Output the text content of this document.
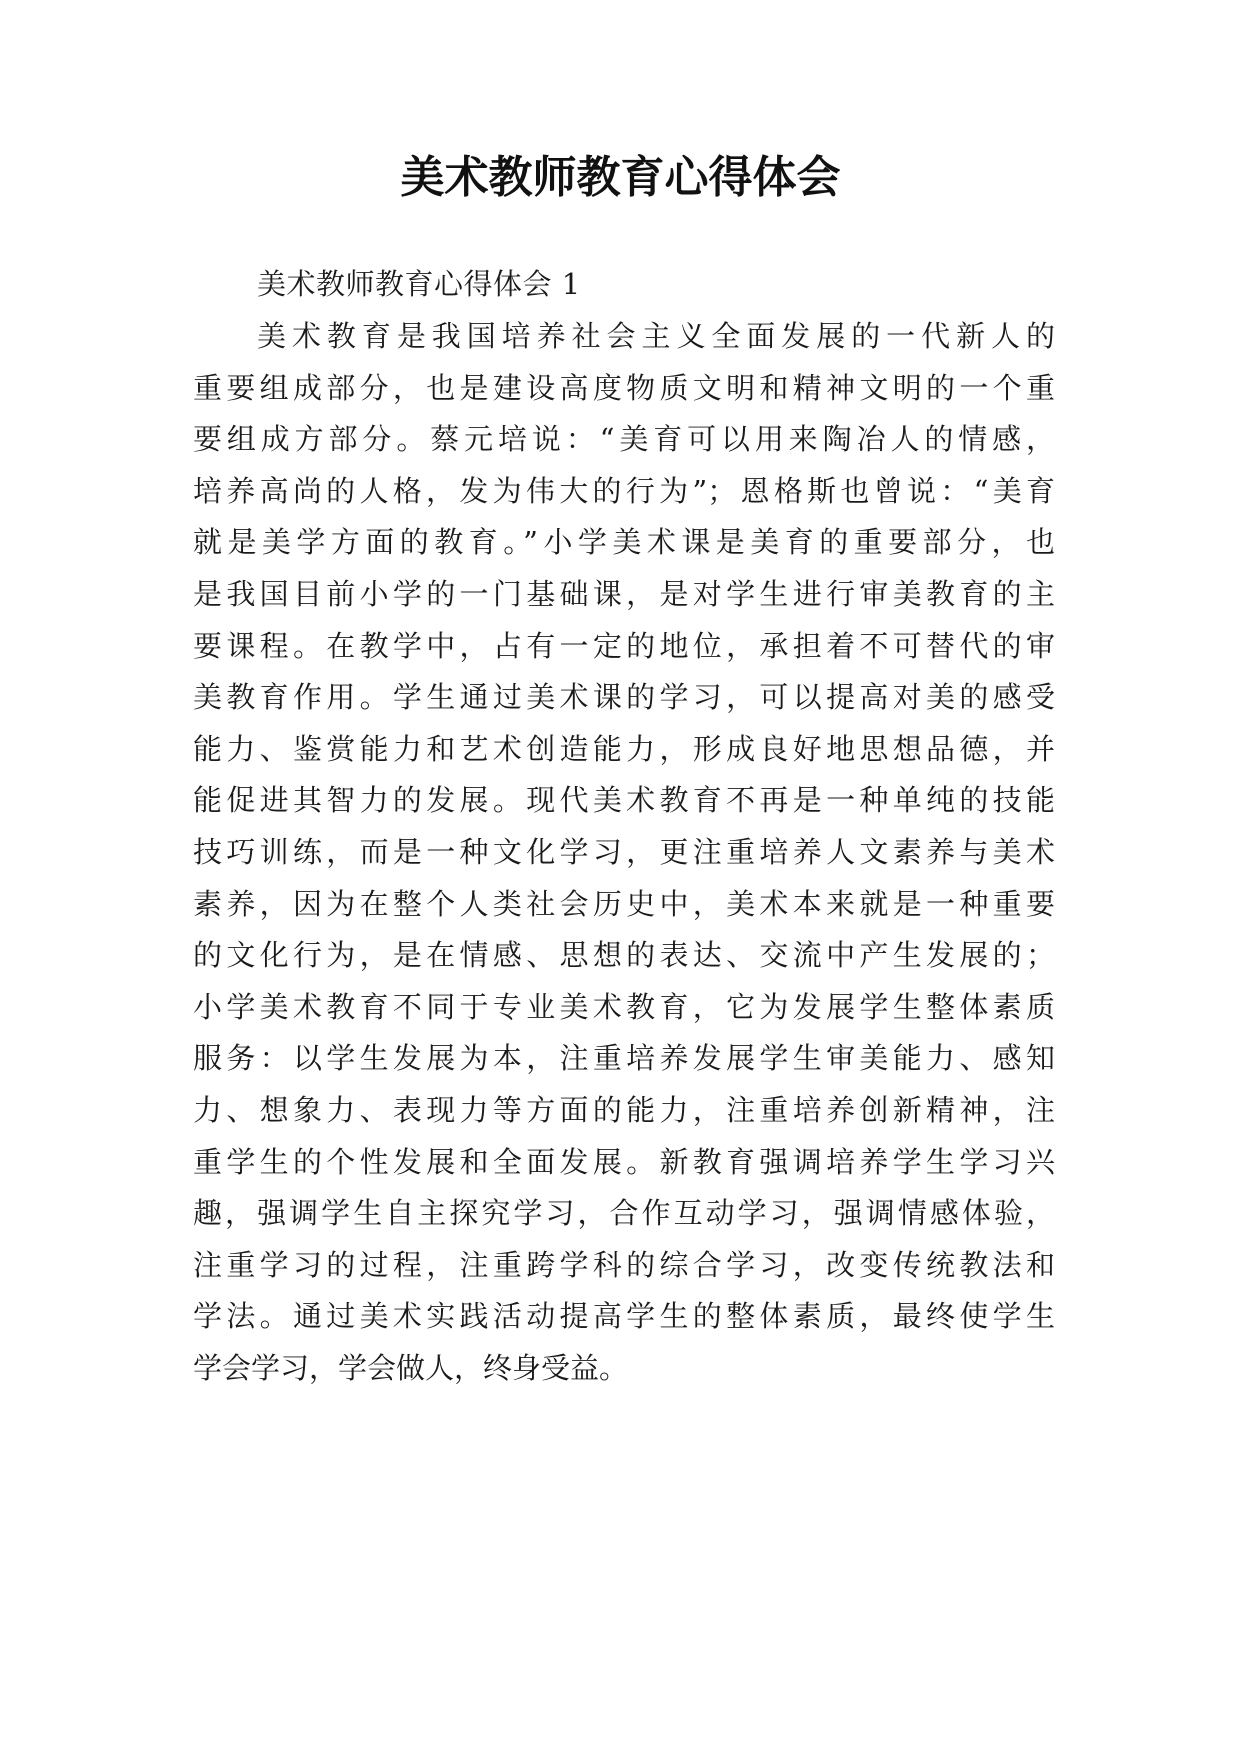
美术教师教育心得体会

美术教师教育心得体会 1

美术教育是我国培养社会主义全面发展的一代新人的
重要组成部分，也是建设高度物质文明和精神文明的一个重
要组成方部分。蔡元培说：“美育可以用来陶冶人的情感，
培养高尚的人格，发为伟大的行为”；恩格斯也曾说：“美育
就是美学方面的教育。”小学美术课是美育的重要部分，也
是我国目前小学的一门基础课，是对学生进行审美教育的主
要课程。在教学中，占有一定的地位，承担着不可替代的审
美教育作用。学生通过美术课的学习，可以提高对美的感受
能力、鉴赏能力和艺术创造能力，形成良好地思想品德，并
能促进其智力的发展。现代美术教育不再是一种单纯的技能
技巧训练，而是一种文化学习，更注重培养人文素养与美术
素养，因为在整个人类社会历史中，美术本来就是一种重要
的文化行为，是在情感、思想的表达、交流中产生发展的；
小学美术教育不同于专业美术教育，它为发展学生整体素质
服务：以学生发展为本，注重培养发展学生审美能力、感知
力、想象力、表现力等方面的能力，注重培养创新精神，注
重学生的个性发展和全面发展。新教育强调培养学生学习兴
趣，强调学生自主探究学习，合作互动学习，强调情感体验，
注重学习的过程，注重跨学科的综合学习，改变传统教法和
学法。通过美术实践活动提高学生的整体素质，最终使学生
学会学习，学会做人，终身受益。
